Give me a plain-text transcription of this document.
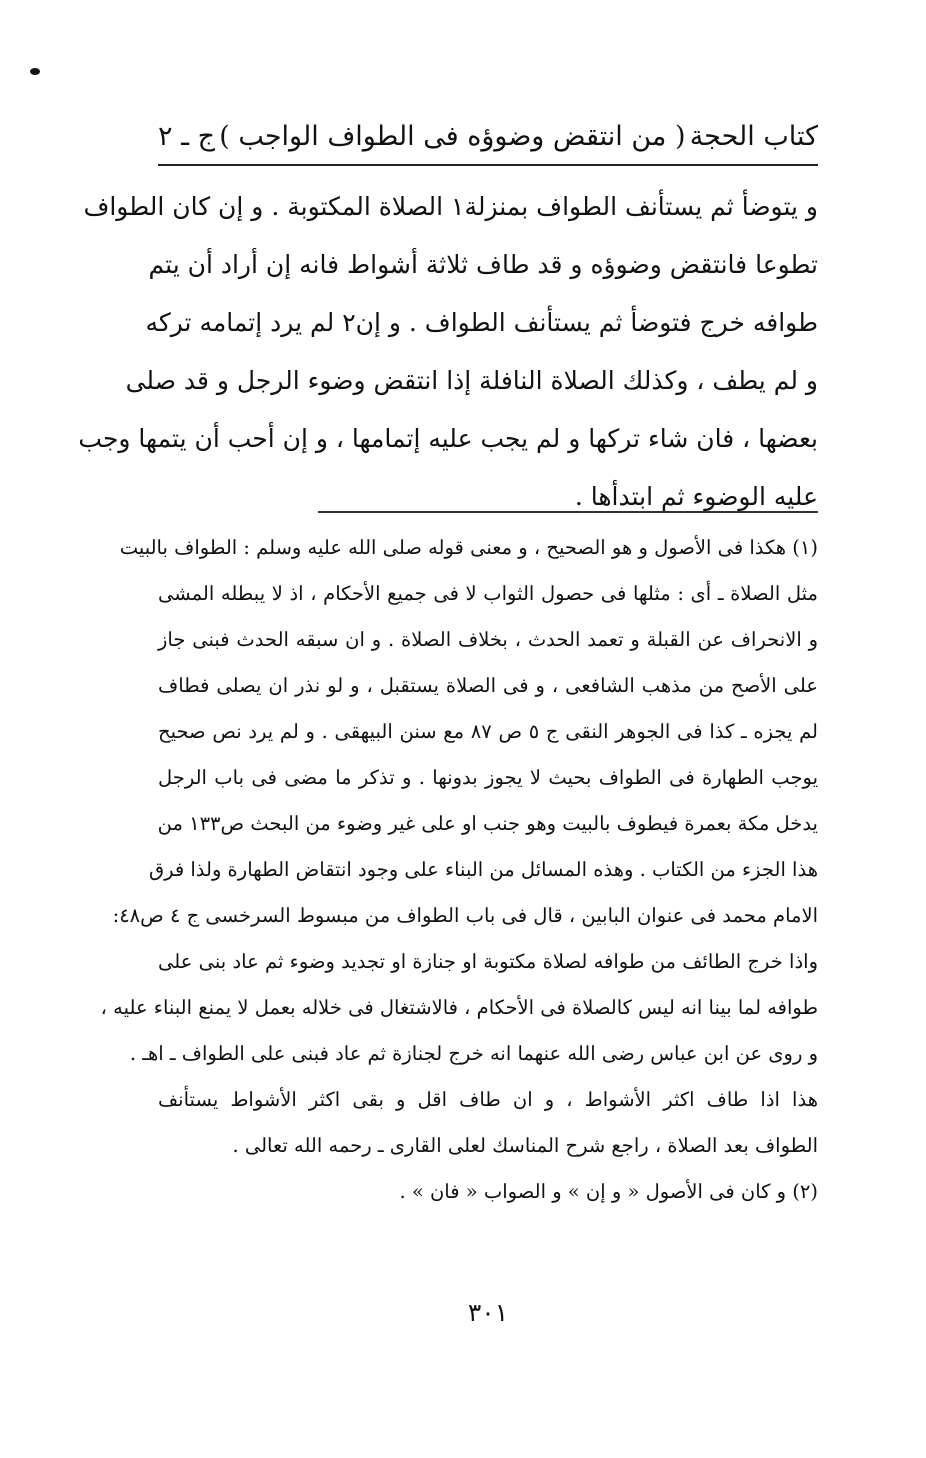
كتاب الحجة
( من انتقض وضوؤه فى الطواف الواجب )
ج ـ ٢
و يتوضأ ثم يستأنف الطواف بمنزلة١ الصلاة المكتوبة . و إن كان الطواف
تطوعا فانتقض وضوؤه و قد طاف ثلاثة أشواط فانه إن أراد أن يتم
طوافه خرج فتوضأ ثم يستأنف الطواف . و إن٢ لم يرد إتمامه تركه
و لم يطف ، وكذلك الصلاة النافلة إذا انتقض وضوء الرجل و قد صلى
بعضها ، فان شاء تركها و لم يجب عليه إتمامها ، و إن أحب أن يتمها وجب
عليه الوضوء ثم ابتدأها .
(١) هكذا فى الأصول و هو الصحيح ، و معنى قوله صلى الله عليه وسلم : الطواف بالبيت
مثل الصلاة ـ أى : مثلها فى حصول الثواب لا فى جميع الأحكام ، اذ لا يبطله المشى
و الانحراف عن القبلة و تعمد الحدث ، بخلاف الصلاة . و ان سبقه الحدث فبنى جاز
على الأصح من مذهب الشافعى ، و فى الصلاة يستقبل ، و لو نذر ان يصلى فطاف
لم يجزه ـ كذا فى الجوهر النقى ج ٥ ص ٨٧ مع سنن البيهقى . و لم يرد نص صحيح
يوجب الطهارة فى الطواف بحيث لا يجوز بدونها . و تذكر ما مضى فى باب الرجل
يدخل مكة بعمرة فيطوف بالبيت وهو جنب او على غير وضوء من البحث ص١٣٣ من
هذا الجزء من الكتاب . وهذه المسائل من البناء على وجود انتقاض الطهارة ولذا فرق
الامام محمد فى عنوان البابين ، قال فى باب الطواف من مبسوط السرخسى ج ٤ ص٤٨:
واذا خرج الطائف من طوافه لصلاة مكتوبة او جنازة او تجديد وضوء ثم عاد بنى على
طوافه لما بينا انه ليس كالصلاة فى الأحكام ، فالاشتغال فى خلاله بعمل لا يمنع البناء عليه ،
و روى عن ابن عباس رضى الله عنهما انه خرج لجنازة ثم عاد فبنى على الطواف ـ اهـ .
هذا اذا طاف اكثر الأشواط ، و ان طاف اقل و بقى اكثر الأشواط يستأنف
الطواف بعد الصلاة ، راجع شرح المناسك لعلى القارى ـ رحمه الله تعالى .
(٢) و كان فى الأصول « و إن » و الصواب « فان » .
٣٠١
